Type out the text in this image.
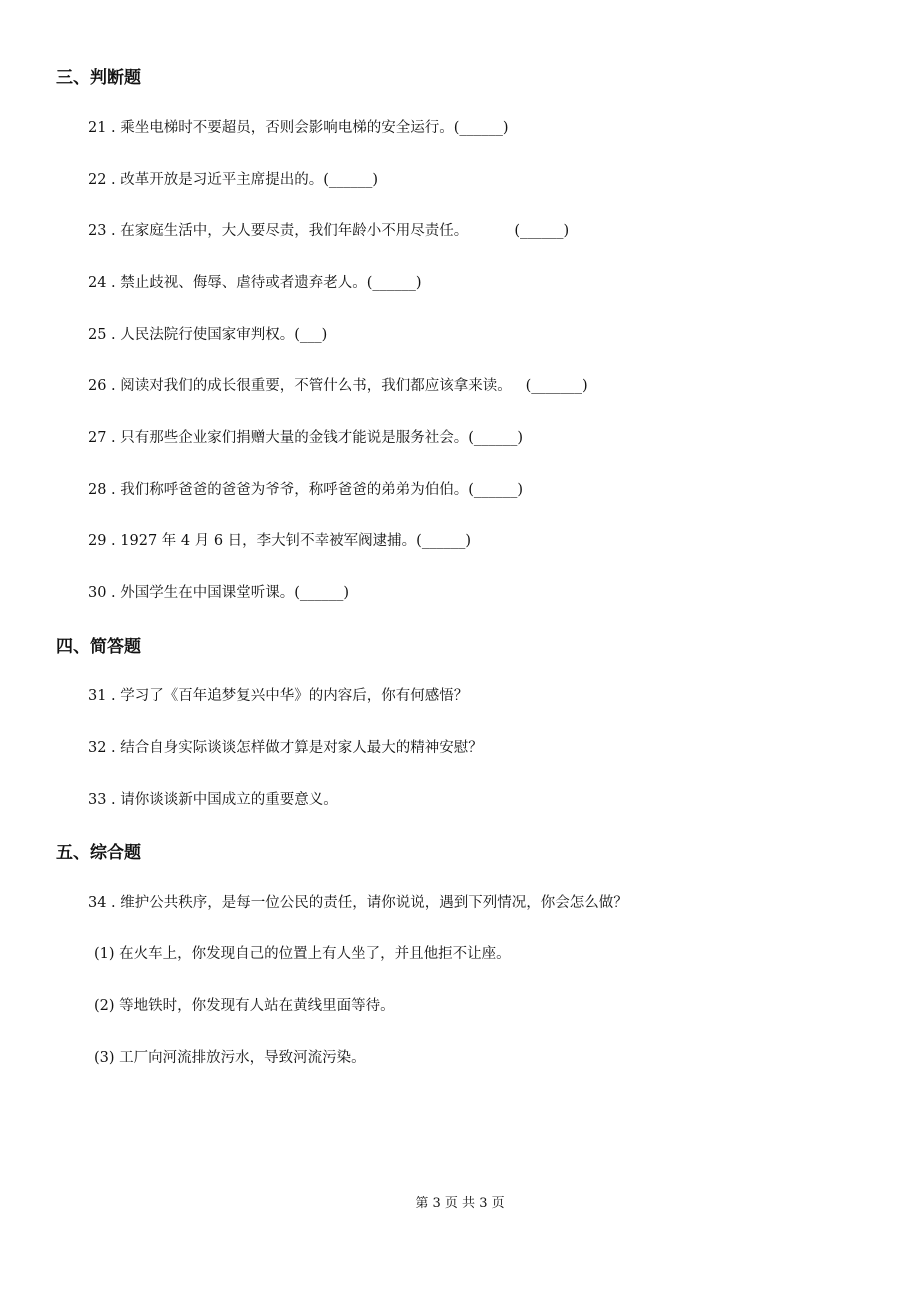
三、判断题
21 . 乘坐电梯时不要超员，否则会影响电梯的安全运行。(______)
22 . 改革开放是习近平主席提出的。(______)
23 . 在家庭生活中，大人要尽责，我们年龄小不用尽责任。          (______)
24 . 禁止歧视、侮辱、虐待或者遗弃老人。(______)
25 . 人民法院行使国家审判权。(___)
26 . 阅读对我们的成长很重要，不管什么书，我们都应该拿来读。   (_______)
27 . 只有那些企业家们捐赠大量的金钱才能说是服务社会。(______)
28 . 我们称呼爸爸的爸爸为爷爷，称呼爸爸的弟弟为伯伯。(______)
29 . 1927 年 4 月 6 日，李大钊不幸被军阀逮捕。(______)
30 . 外国学生在中国课堂听课。(______)
四、简答题
31 . 学习了《百年追梦复兴中华》的内容后，你有何感悟？
32 . 结合自身实际谈谈怎样做才算是对家人最大的精神安慰？
33 . 请你谈谈新中国成立的重要意义。
五、综合题
34 . 维护公共秩序，是每一位公民的责任，请你说说，遇到下列情况，你会怎么做？
(1) 在火车上，你发现自己的位置上有人坐了，并且他拒不让座。
(2) 等地铁时，你发现有人站在黄线里面等待。
(3) 工厂向河流排放污水，导致河流污染。
第 3 页 共 3 页
